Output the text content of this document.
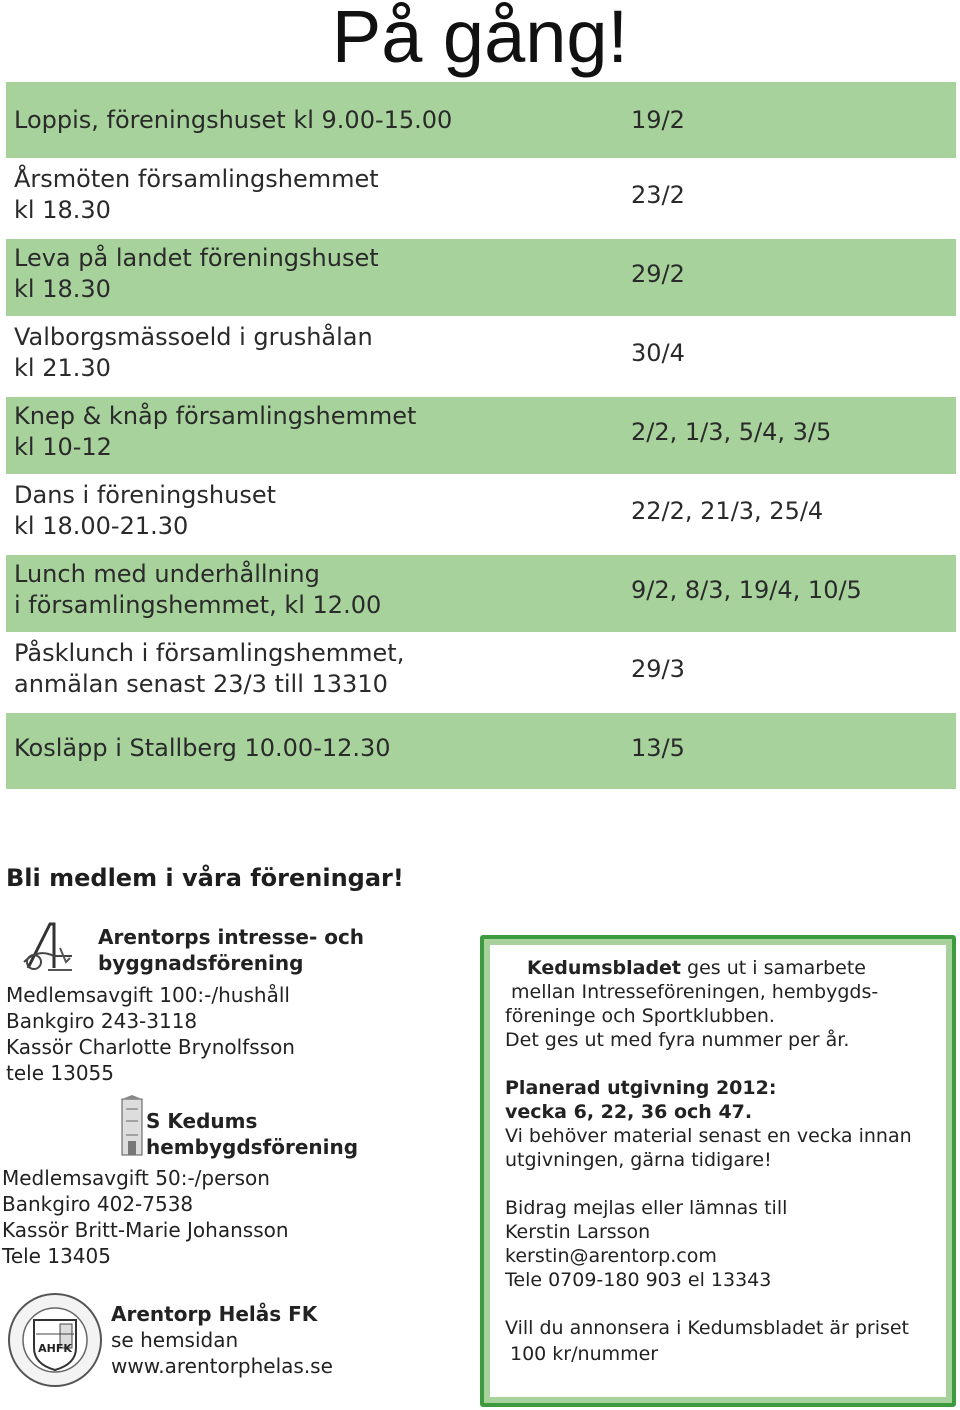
På gång!
Loppis, föreningshuset kl 9.00-15.00	19/2
Årsmöten församlingshemmet
kl 18.30
23/2
Leva på landet föreningshuset
kl 18.30
29/2
Valborgsmässoeld i grushålan
kl 21.30
30/4
Knep & knåp församlingshemmet
kl 10-12
2/2, 1/3, 5/4, 3/5
Dans i föreningshuset
kl 18.00-21.30
22/2, 21/3, 25/4
Lunch med underhållning
i församlingshemmet, kl 12.00
9/2, 8/3, 19/4, 10/5
Påsklunch i församlingshemmet,
anmälan senast 23/3 till 13310
29/3
Kosläpp i Stallberg 10.00-12.30	13/5
Bli medlem i våra föreningar!
Arentorps intresse- och
byggnadsförening
Medlemsavgift 100:-/hushåll
Bankgiro 243-3118
Kassör Charlotte Brynolfsson
tele 13055
S Kedums
hembygdsförening
Medlemsavgift 50:-/person
Bankgiro 402-7538
Kassör Britt-Marie Johansson
Tele 13405
AHFK
Arentorp Helås FK
se hemsidan
www.arentorphelas.se
Kedumsbladet ges ut i samarbete
mellan Intresseföreningen, hembygds-
föreninge och Sportklubben.
Det ges ut med fyra nummer per år.
Planerad utgivning 2012:
vecka 6, 22, 36 och 47.
Vi behöver material senast en vecka innan
utgivningen, gärna tidigare!
Bidrag mejlas eller lämnas till
Kerstin Larsson
kerstin@arentorp.com
Tele 0709-180 903 el 13343
Vill du annonsera i Kedumsbladet är priset
100 kr/nummer
